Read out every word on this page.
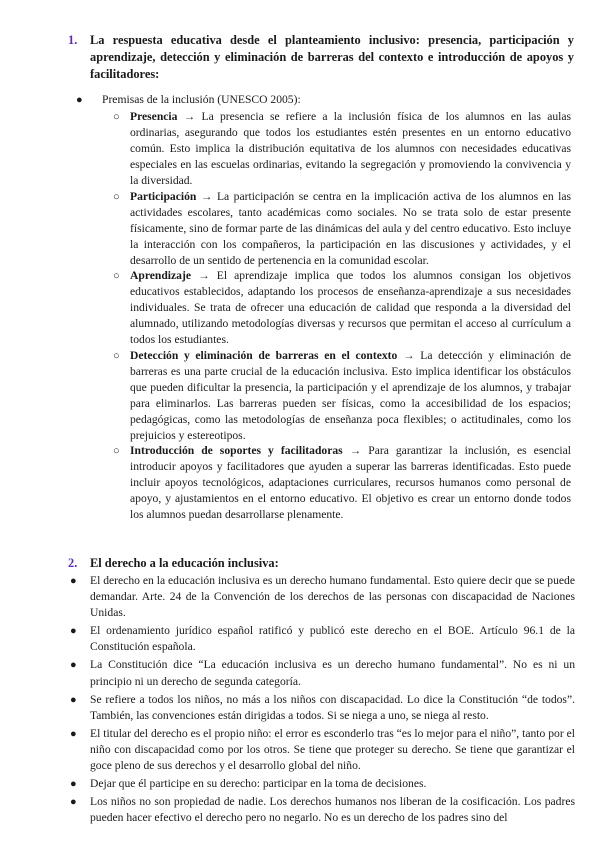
1. La respuesta educativa desde el planteamiento inclusivo: presencia, participación y aprendizaje, detección y eliminación de barreras del contexto e introducción de apoyos y facilitadores:
● Premisas de la inclusión (UNESCO 2005):
○ Presencia → La presencia se refiere a la inclusión física de los alumnos en las aulas ordinarias, asegurando que todos los estudiantes estén presentes en un entorno educativo común. Esto implica la distribución equitativa de los alumnos con necesidades educativas especiales en las escuelas ordinarias, evitando la segregación y promoviendo la convivencia y la diversidad.
○ Participación → La participación se centra en la implicación activa de los alumnos en las actividades escolares, tanto académicas como sociales. No se trata solo de estar presente físicamente, sino de formar parte de las dinámicas del aula y del centro educativo. Esto incluye la interacción con los compañeros, la participación en las discusiones y actividades, y el desarrollo de un sentido de pertenencia en la comunidad escolar.
○ Aprendizaje → El aprendizaje implica que todos los alumnos consigan los objetivos educativos establecidos, adaptando los procesos de enseñanza-aprendizaje a sus necesidades individuales. Se trata de ofrecer una educación de calidad que responda a la diversidad del alumnado, utilizando metodologías diversas y recursos que permitan el acceso al currículum a todos los estudiantes.
○ Detección y eliminación de barreras en el contexto → La detección y eliminación de barreras es una parte crucial de la educación inclusiva. Esto implica identificar los obstáculos que pueden dificultar la presencia, la participación y el aprendizaje de los alumnos, y trabajar para eliminarlos. Las barreras pueden ser físicas, como la accesibilidad de los espacios; pedagógicas, como las metodologías de enseñanza poca flexibles; o actitudinales, como los prejuicios y estereotipos.
○ Introducción de soportes y facilitadoras → Para garantizar la inclusión, es esencial introducir apoyos y facilitadores que ayuden a superar las barreras identificadas. Esto puede incluir apoyos tecnológicos, adaptaciones curriculares, recursos humanos como personal de apoyo, y ajustamientos en el entorno educativo. El objetivo es crear un entorno donde todos los alumnos puedan desarrollarse plenamente.
2. El derecho a la educación inclusiva:
● El derecho en la educación inclusiva es un derecho humano fundamental. Esto quiere decir que se puede demandar. Arte. 24 de la Convención de los derechos de las personas con discapacidad de Naciones Unidas.
● El ordenamiento jurídico español ratificó y publicó este derecho en el BOE. Artículo 96.1 de la Constitución española.
● La Constitución dice “La educación inclusiva es un derecho humano fundamental”. No es ni un principio ni un derecho de segunda categoría.
● Se refiere a todos los niños, no más a los niños con discapacidad. Lo dice la Constitución “de todos”. También, las convenciones están dirigidas a todos. Si se niega a uno, se niega al resto.
● El titular del derecho es el propio niño: el error es esconderlo tras “es lo mejor para el niño”, tanto por el niño con discapacidad como por los otros. Se tiene que proteger su derecho. Se tiene que garantizar el goce pleno de sus derechos y el desarrollo global del niño.
● Dejar que él participe en su derecho: participar en la toma de decisiones.
● Los niños no son propiedad de nadie. Los derechos humanos nos liberan de la cosificación. Los padres pueden hacer efectivo el derecho pero no negarlo. No es un derecho de los padres sino del
